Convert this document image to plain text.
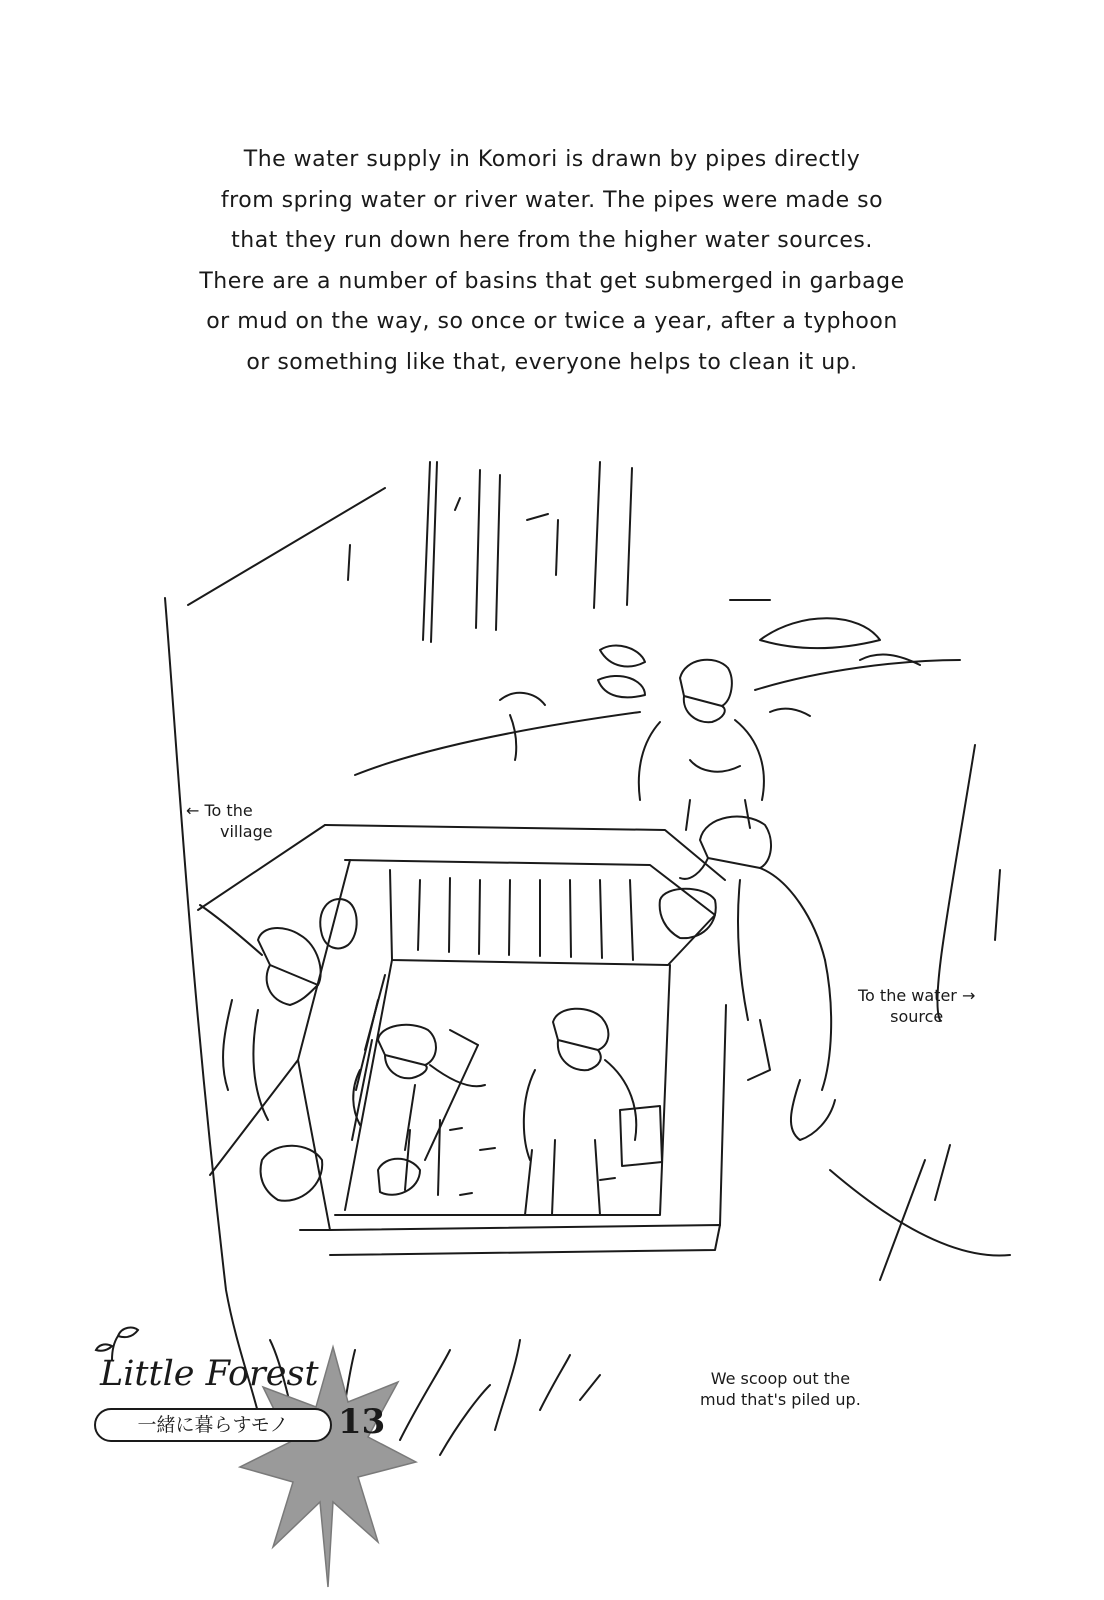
The water supply in Komori is drawn by pipes directly
from spring water or river water. The pipes were made so
that they run down here from the higher water sources.
There are a number of basins that get submerged in garbage
or mud on the way, so once or twice a year, after a typhoon
or something like that, everyone helps to clean it up.
← To the
village
To the water →
source
We scoop out the
mud that's piled up.
Little Forest
一緒に暮らすモノ	13
